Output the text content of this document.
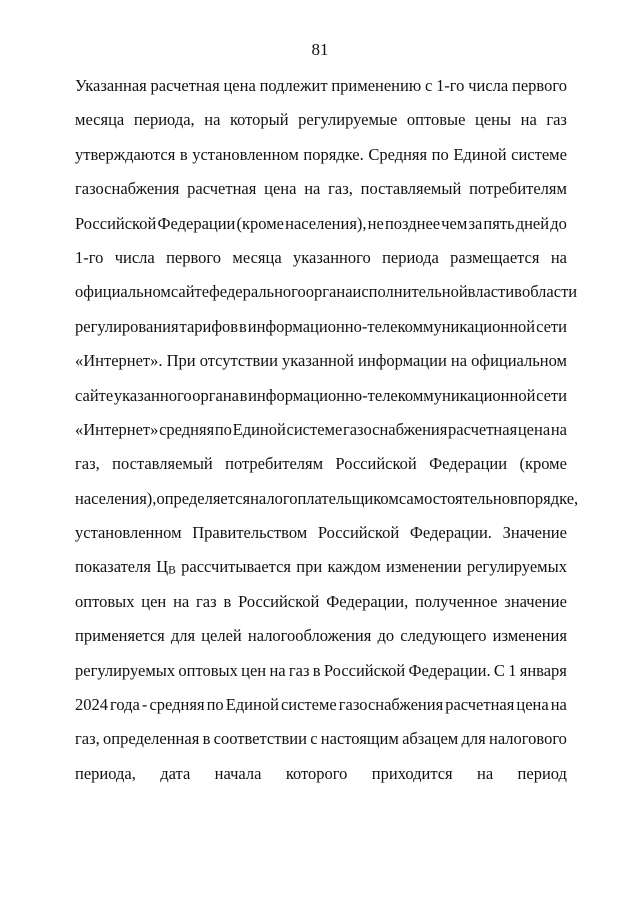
81
Указанная расчетная цена подлежит применению с 1-го числа первого
месяца периода, на который регулируемые оптовые цены на газ
утверждаются в установленном порядке. Средняя по Единой системе
газоснабжения расчетная цена на газ, поставляемый потребителям
Российской Федерации (кроме населения), не позднее чем за пять дней до
1-го числа первого месяца указанного периода размещается на
официальном сайте федерального органа исполнительной власти в области
регулирования тарифов в информационно-телекоммуникационной сети
«Интернет». При отсутствии указанной информации на официальном
сайте указанного органа в информационно-телекоммуникационной сети
«Интернет» средняя по Единой системе газоснабжения расчетная цена на
газ, поставляемый потребителям Российской Федерации (кроме
населения), определяется налогоплательщиком самостоятельно в порядке,
установленном Правительством Российской Федерации. Значение
показателя $Ц_В$ рассчитывается при каждом изменении регулируемых
оптовых цен на газ в Российской Федерации, полученное значение
применяется для целей налогообложения до следующего изменения
регулируемых оптовых цен на газ в Российской Федерации. С 1 января
2024 года - средняя по Единой системе газоснабжения расчетная цена на
газ, определенная в соответствии с настоящим абзацем для налогового
периода, дата начала которого приходится на период
